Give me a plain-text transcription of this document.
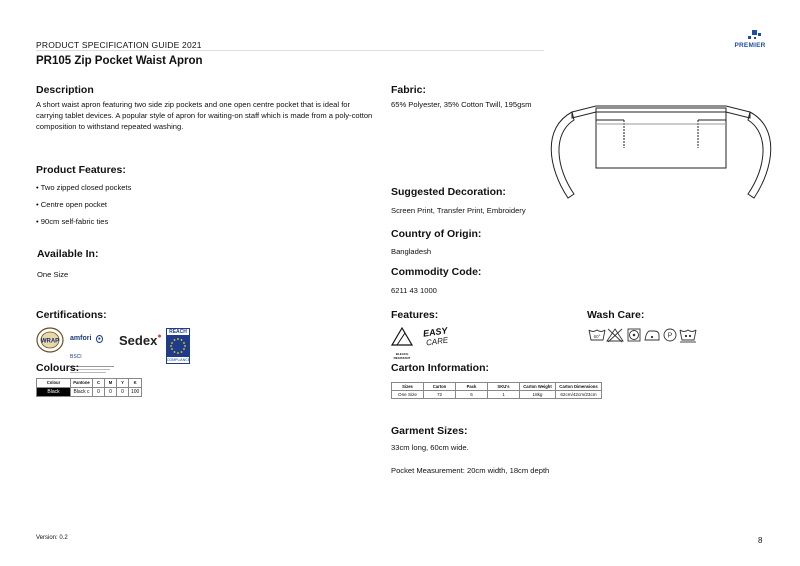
PRODUCT SPECIFICATION GUIDE 2021
PR105 Zip Pocket Waist Apron
PREMIER
Description
A short waist apron featuring two side zip pockets and one open centre pocket that is ideal for carrying tablet devices. A popular style of apron for waiting-on staff which is made from a poly-cotton composition to withstand repeated washing.
Fabric:
65% Polyester, 35% Cotton Twill, 195gsm
Product Features:
• Two zipped closed pockets
• Centre open pocket
• 90cm self-fabric ties
Available In:
One Size
Suggested Decoration:
Screen Print, Transfer Print, Embroidery
Country of Origin:
Bangladesh
Commodity Code:
6211 43 1000
Certifications:
WRAP amfori ● BSCI
Sedex●
REACH
COMPLIANCE
Features:
BLEACH RESISTANT
EASY
CARE
Wash Care:
60°	P
Colours:
Colour	Pantone	C	M	Y	K
Black	Black c	0	0	0	100
Carton Information:
Sizes	Carton	Pack	SKU's	Carton Weight	Carton Dimensions
One Size	72	6	1	18kg	62cm/42cm/23cm
Garment Sizes:
33cm long, 60cm wide.
Pocket Measurement: 20cm width, 18cm depth
Version: 0.2	8
